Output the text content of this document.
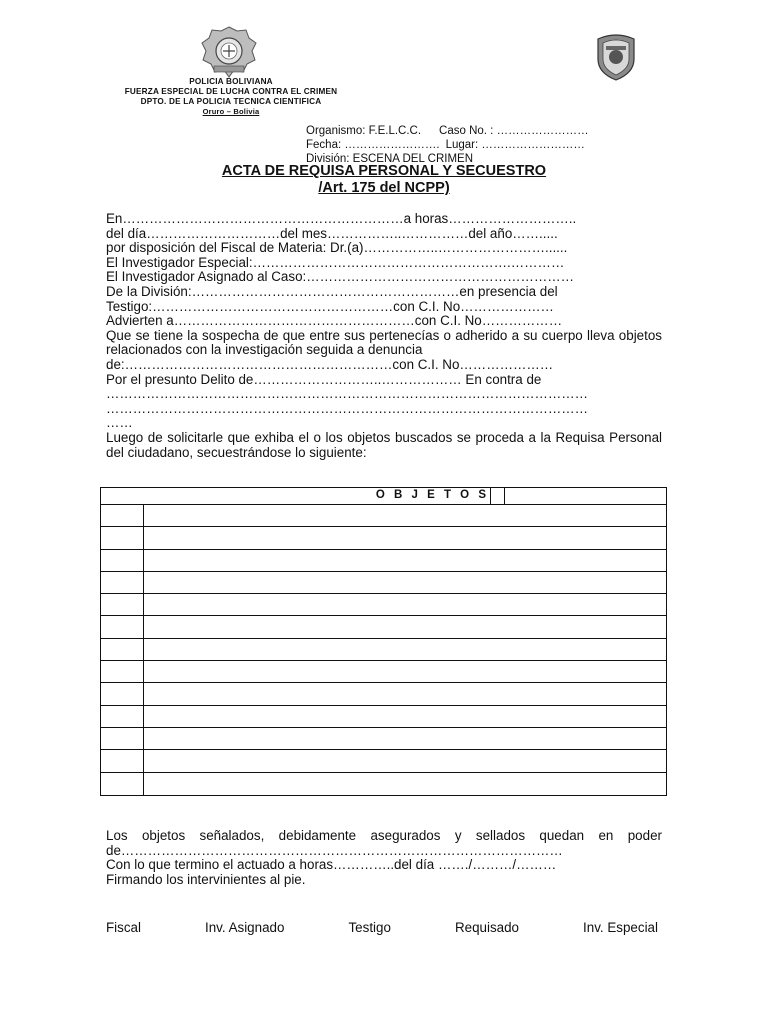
POLICIA BOLIVIANA
FUERZA ESPECIAL DE LUCHA CONTRA EL CRIMEN
DPTO. DE LA POLICIA TECNICA CIENTIFICA
Oruro – Bolivia
Organismo: F.E.L.C.C. Caso No. : ……………………
Fecha: ……………………. Lugar: ………………………
División: ESCENA DEL CRIMEN
ACTA DE REQUISA PERSONAL Y SECUESTRO
/Art. 175 del NCPP)
En………………………………………………………a horas………………………..
del día…………………………del mes……………..……………del año…….....
por disposición del Fiscal de Materia: Dr.(a)……………..……………………......
El Investigador Especial:………………………………………………….…………
El Investigador Asignado al Caso:……………………………………………………
De la División:……………………………………………………en presencia del
Testigo:………………………………………………con C.I. No…………………
Advierten a………………………………………………con C.I. No………………
Que se tiene la sospecha de que entre sus pertenecías o adherido a su cuerpo lleva objetos relacionados con la investigación seguida a denuncia
de:……………………………………………………con C.I. No…………………
Por el presunto Delito de………………………..……………… En contra de
………………………………………………………………………………………………
………………………………………………………………………………………………
……
Luego de solicitarle que exhiba el o los objetos buscados se proceda a la Requisa Personal del ciudadano, secuestrándose lo siguiente:
O B J E T O S
Los objetos señalados, debidamente asegurados y sellados quedan en poder de………………………………………………………………………………………
Con lo que termino el actuado a horas…………..del día ……./………/………
Firmando los intervinientes al pie.
Fiscal	Inv. Asignado	Testigo	Requisado	Inv. Especial
